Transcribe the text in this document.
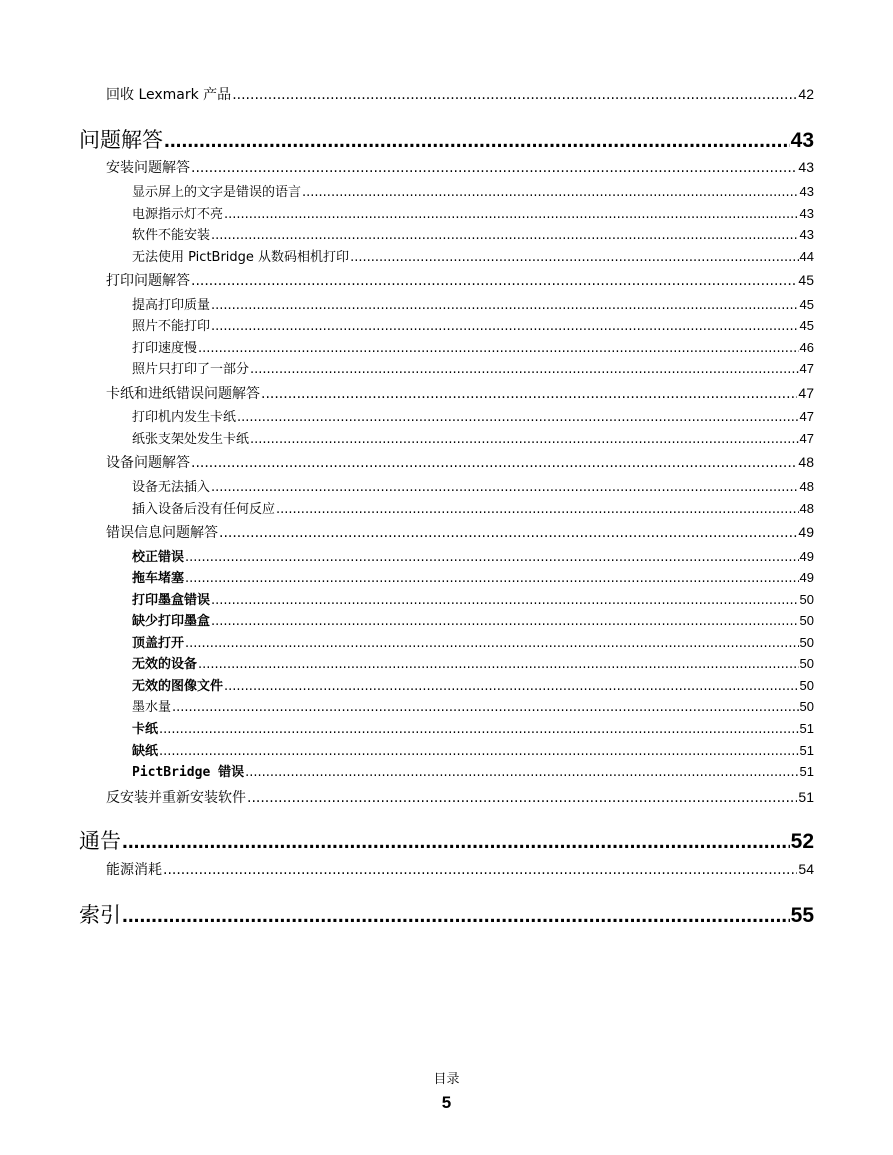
回收 Lexmark 产品 .....	42
问题解答 .....	43
安装问题解答 .....	43
显示屏上的文字是错误的语言 .....	43
电源指示灯不亮 .....	43
软件不能安装 .....	43
无法使用 PictBridge 从数码相机打印 .....	44
打印问题解答 .....	45
提高打印质量 .....	45
照片不能打印 .....	45
打印速度慢 .....	46
照片只打印了一部分 .....	47
卡纸和进纸错误问题解答 .....	47
打印机内发生卡纸 .....	47
纸张支架处发生卡纸 .....	47
设备问题解答 .....	48
设备无法插入 .....	48
插入设备后没有任何反应 .....	48
错误信息问题解答 .....	49
校正错误 .....	49
拖车堵塞 .....	49
打印墨盒错误 .....	50
缺少打印墨盒 .....	50
顶盖打开 .....	50
无效的设备 .....	50
无效的图像文件 .....	50
墨水量 .....	50
卡纸 .....	51
缺纸 .....	51
PictBridge 错误 .....	51
反安装并重新安装软件 .....	51
通告 .....	52
能源消耗 .....	54
索引 .....	55
目录
5
